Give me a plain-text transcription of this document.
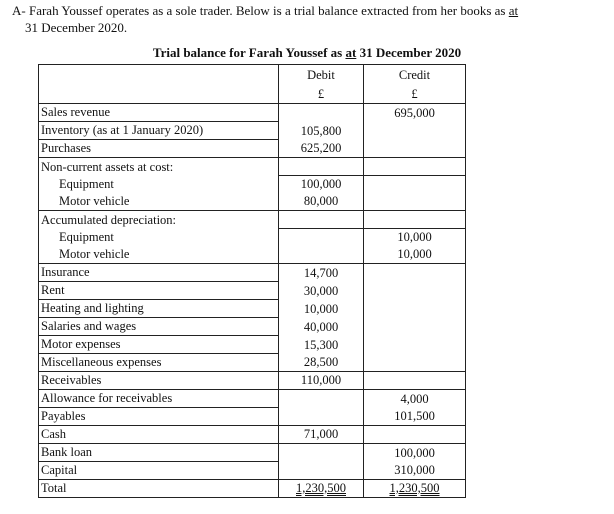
A- Farah Youssef operates as a sole trader. Below is a trial balance extracted from her books as at
31 December 2020.
Trial balance for Farah Youssef as at 31 December 2020
	Debit	Credit
	£	£
Sales revenue		695,000
Inventory (as at 1 January 2020)	105,800	
Purchases	625,200	
Non-current assets at cost:		
Equipment	100,000	
Motor vehicle	80,000	
Accumulated depreciation:		
Equipment		10,000
Motor vehicle		10,000
Insurance	14,700	
Rent	30,000	
Heating and lighting	10,000	
Salaries and wages	40,000	
Motor expenses	15,300	
Miscellaneous expenses	28,500	
Receivables	110,000	
Allowance for receivables		4,000
Payables		101,500
Cash	71,000	
Bank loan		100,000
Capital		310,000
Total	1,230,500	1,230,500
